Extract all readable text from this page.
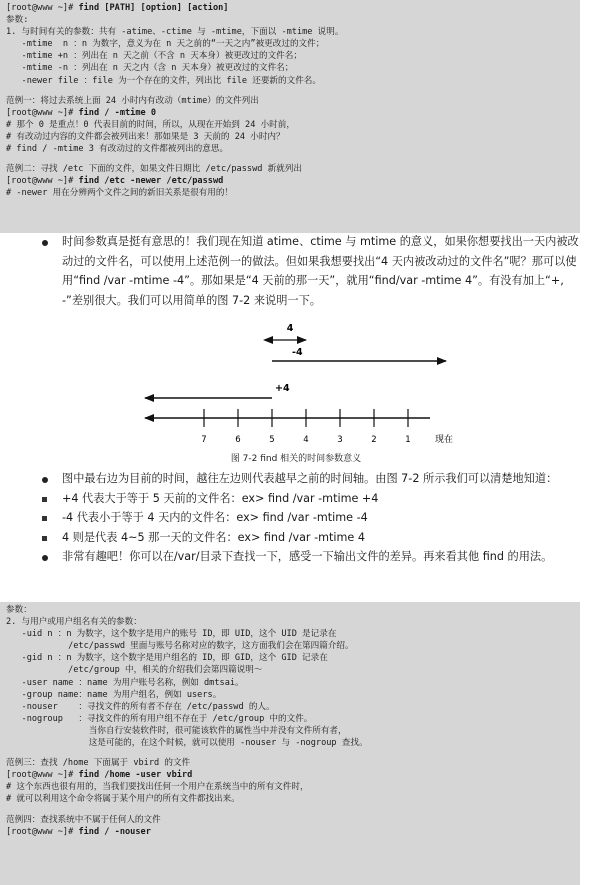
[root@www ~]# find [PATH] [option] [action]
参数:
1. 与时间有关的参数：共有 -atime、-ctime 与 -mtime，下面以 -mtime 说明。
-mtime  n ：n 为数字，意义为在 n 天之前的“一天之内”被更改过的文件；
-mtime +n ：列出在 n 天之前（不含 n 天本身）被更改过的文件名；
-mtime -n ：列出在 n 天之内（含 n 天本身）被更改过的文件名；
-newer file ：file 为一个存在的文件，列出比 file 还要新的文件名。
范例一：将过去系统上面 24 小时内有改动（mtime）的文件列出
[root@www ~]# find / -mtime 0
# 那个 0 是重点！0 代表目前的时间，所以，从现在开始到 24 小时前，
# 有改动过内容的文件都会被列出来！那如果是 3 天前的 24 小时内？
# find / -mtime 3 有改动过的文件都被列出的意思。
范例二：寻找 /etc 下面的文件，如果文件日期比 /etc/passwd 新就列出
[root@www ~]# find /etc -newer /etc/passwd
# -newer 用在分辨两个文件之间的新旧关系是很有用的！
时间参数真是挺有意思的！我们现在知道 atime、ctime 与 mtime 的意义，如果你想要找出一天内被改动过的文件名，可以使用上述范例一的做法。但如果我想要找出“4 天内被改动过的文件名”呢？那可以使用“find /var -mtime -4”。那如果是“4 天前的那一天”，就用“find/var -mtime 4”。有没有加上“+, -”差别很大。我们可以用简单的图 7-2 来说明一下。
4
-4
+4
7	6	5	4	3	2	1	现在
图 7-2 find 相关的时间参数意义
图中最右边为目前的时间，越往左边则代表越早之前的时间轴。由图 7-2 所示我们可以清楚地知道：
+4 代表大于等于 5 天前的文件名：ex> find /var -mtime +4
-4 代表小于等于 4 天内的文件名：ex> find /var -mtime -4
4 则是代表 4~5 那一天的文件名：ex> find /var -mtime 4
非常有趣吧！你可以在/var/目录下查找一下，感受一下输出文件的差异。再来看其他 find 的用法。
参数：
2. 与用户或用户组名有关的参数：
-uid n ：n 为数字，这个数字是用户的账号 ID，即 UID，这个 UID 是记录在
/etc/passwd 里面与账号名称对应的数字，这方面我们会在第四篇介绍。
-gid n ：n 为数字，这个数字是用户组名的 ID，即 GID，这个 GID 记录在
/etc/group 中，相关的介绍我们会第四篇说明～
-user name ：name 为用户账号名称，例如 dmtsai。
-group name：name 为用户组名，例如 users。
-nouser    ：寻找文件的所有者不存在 /etc/passwd 的人。
-nogroup   ：寻找文件的所有用户组不存在于 /etc/group 中的文件。
当你自行安装软件时，很可能该软件的属性当中并没有文件所有者，
这是可能的，在这个时候，就可以使用 -nouser 与 -nogroup 查找。
范例三：查找 /home 下面属于 vbird 的文件
[root@www ~]# find /home -user vbird
# 这个东西也很有用的，当我们要找出任何一个用户在系统当中的所有文件时，
# 就可以利用这个命令将属于某个用户的所有文件都找出来。
范例四：查找系统中不属于任何人的文件
[root@www ~]# find / -nouser
